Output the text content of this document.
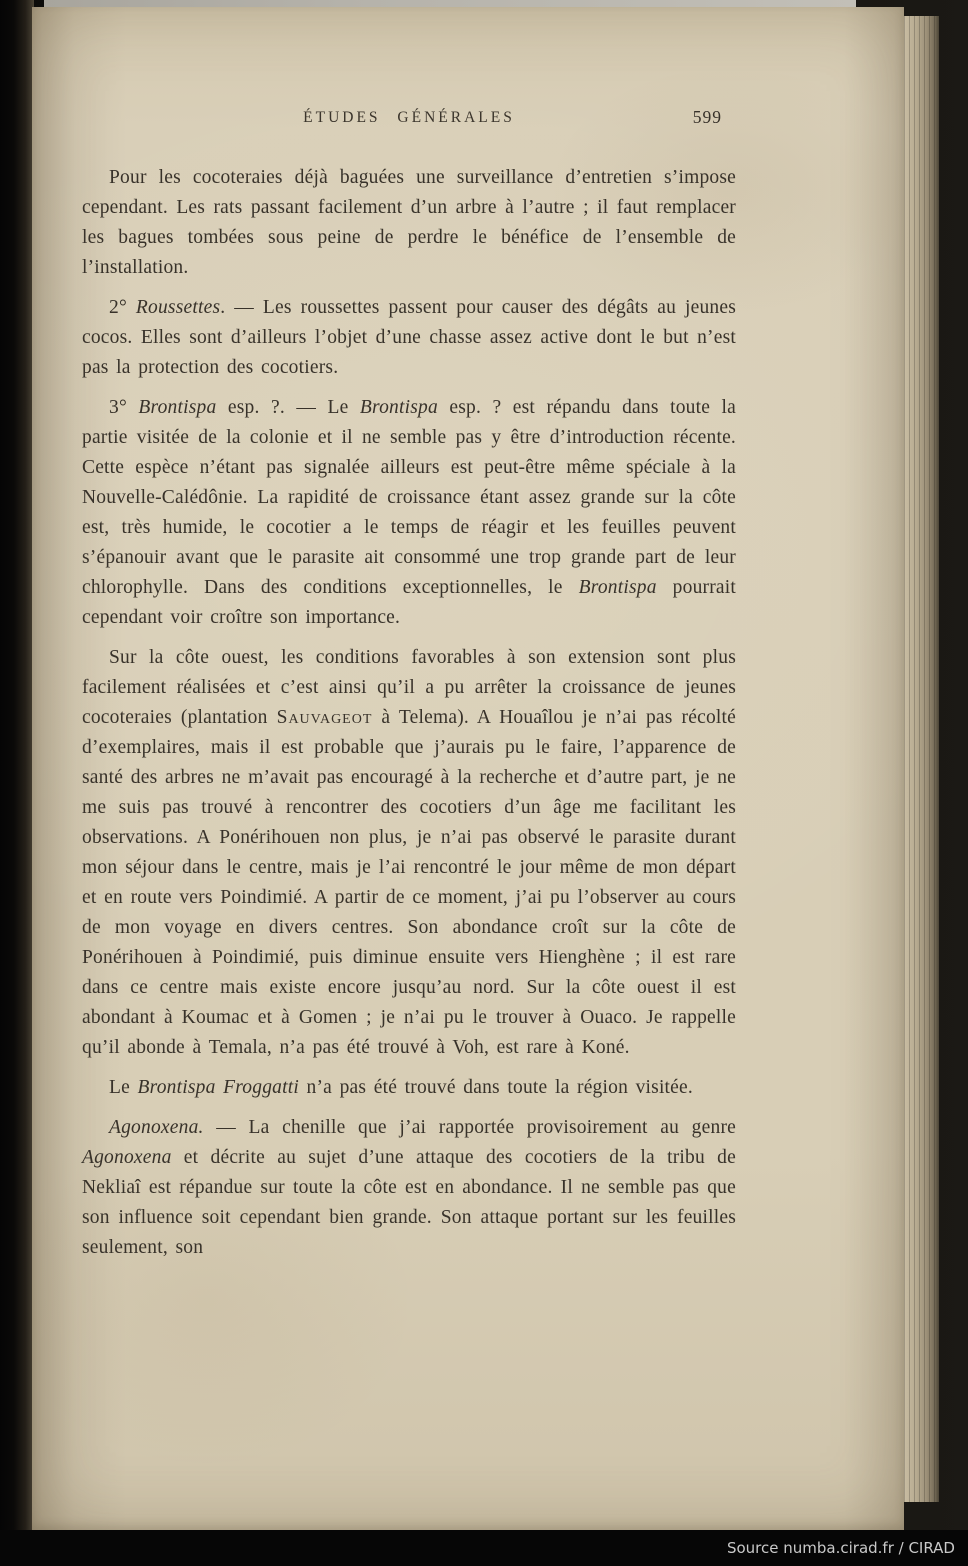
ÉTUDES GÉNÉRALES	599

Pour les cocoteraies déjà baguées une surveillance d’entretien s’impose cependant. Les rats passant facilement d’un arbre à l’autre ; il faut remplacer les bagues tombées sous peine de perdre le bénéfice de l’ensemble de l’installation.

2° Roussettes. — Les roussettes passent pour causer des dégâts au jeunes cocos. Elles sont d’ailleurs l’objet d’une chasse assez active dont le but n’est pas la protection des cocotiers.

3° Brontispa esp. ?. — Le Brontispa esp. ? est répandu dans toute la partie visitée de la colonie et il ne semble pas y être d’introduction récente. Cette espèce n’étant pas signalée ailleurs est peut-être même spéciale à la Nouvelle-Calédônie. La rapidité de croissance étant assez grande sur la côte est, très humide, le cocotier a le temps de réagir et les feuilles peuvent s’épanouir avant que le parasite ait consommé une trop grande part de leur chlorophylle. Dans des conditions exceptionnelles, le Brontispa pourrait cependant voir croître son importance.

Sur la côte ouest, les conditions favorables à son extension sont plus facilement réalisées et c’est ainsi qu’il a pu arrêter la croissance de jeunes cocoteraies (plantation Sauvageot à Telema). A Houaîlou je n’ai pas récolté d’exemplaires, mais il est probable que j’aurais pu le faire, l’apparence de santé des arbres ne m’avait pas encouragé à la recherche et d’autre part, je ne me suis pas trouvé à rencontrer des cocotiers d’un âge me facilitant les observations. A Ponérihouen non plus, je n’ai pas observé le parasite durant mon séjour dans le centre, mais je l’ai rencontré le jour même de mon départ et en route vers Poindimié. A partir de ce moment, j’ai pu l’observer au cours de mon voyage en divers centres. Son abondance croît sur la côte de Ponérihouen à Poindimié, puis diminue ensuite vers Hienghène ; il est rare dans ce centre mais existe encore jusqu’au nord. Sur la côte ouest il est abondant à Koumac et à Gomen ; je n’ai pu le trouver à Ouaco. Je rappelle qu’il abonde à Temala, n’a pas été trouvé à Voh, est rare à Koné.

Le Brontispa Froggatti n’a pas été trouvé dans toute la région visitée.

Agonoxena. — La chenille que j’ai rapportée provisoirement au genre Agonoxena et décrite au sujet d’une attaque des cocotiers de la tribu de Nekliaî est répandue sur toute la côte est en abondance. Il ne semble pas que son influence soit cependant bien grande. Son attaque portant sur les feuilles seulement, son

Source numba.cirad.fr / CIRAD
